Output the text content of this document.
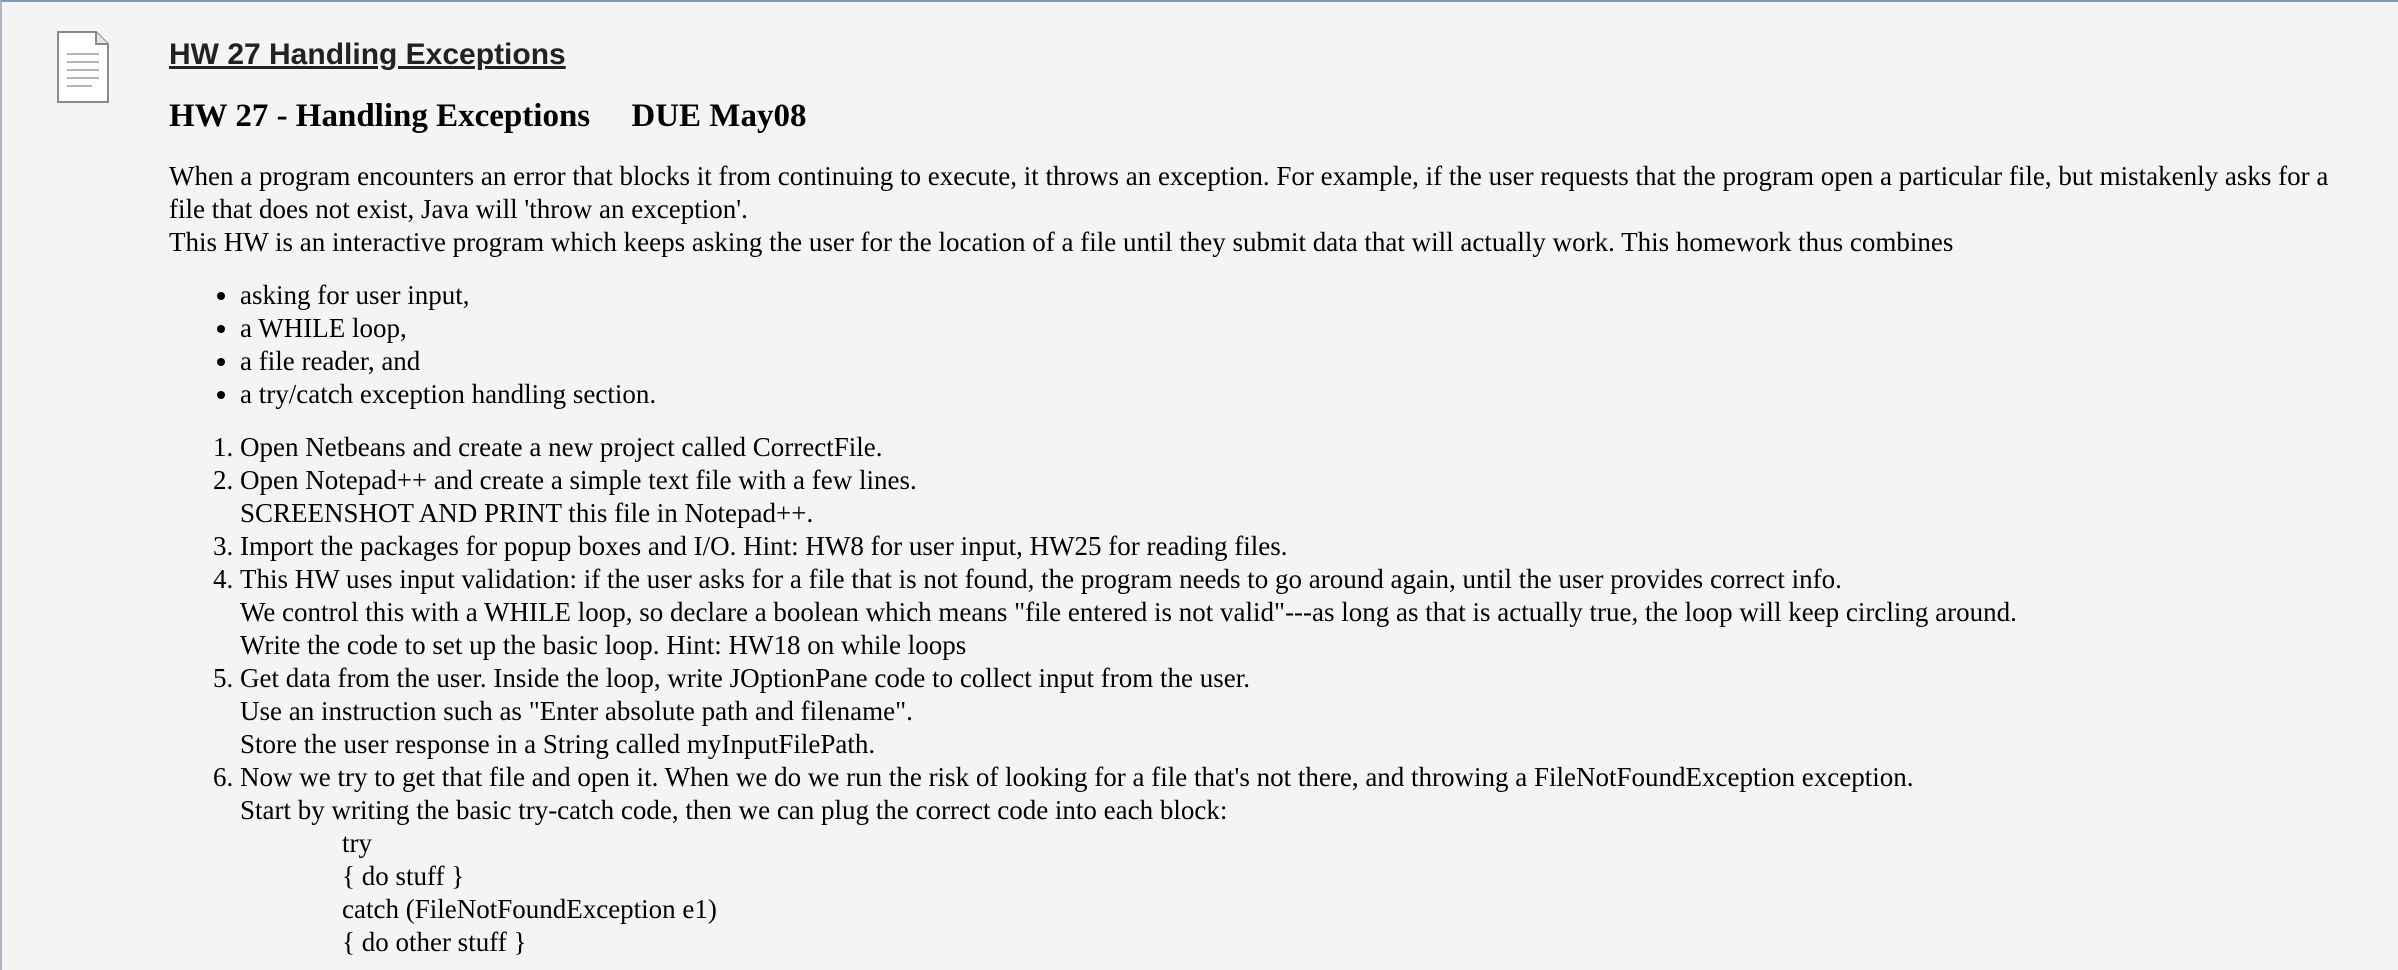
HW 27 Handling Exceptions
HW 27 - Handling Exceptions     DUE May08

When a program encounters an error that blocks it from continuing to execute, it throws an exception. For example, if the user requests that the program open a particular file, but mistakenly asks for a file that does not exist, Java will 'throw an exception'.
This HW is an interactive program which keeps asking the user for the location of a file until they submit data that will actually work. This homework thus combines

• asking for user input,
• a WHILE loop,
• a file reader, and
• a try/catch exception handling section.
1. Open Netbeans and create a new project called CorrectFile.
2. Open Notepad++ and create a simple text file with a few lines.
SCREENSHOT AND PRINT this file in Notepad++.
3. Import the packages for popup boxes and I/O. Hint: HW8 for user input, HW25 for reading files.
4. This HW uses input validation: if the user asks for a file that is not found, the program needs to go around again, until the user provides correct info.
We control this with a WHILE loop, so declare a boolean which means "file entered is not valid"---as long as that is actually true, the loop will keep circling around.
Write the code to set up the basic loop. Hint: HW18 on while loops
5. Get data from the user. Inside the loop, write JOptionPane code to collect input from the user.
Use an instruction such as "Enter absolute path and filename".
Store the user response in a String called myInputFilePath.
6. Now we try to get that file and open it. When we do we run the risk of looking for a file that's not there, and throwing a FileNotFoundException exception.
Start by writing the basic try-catch code, then we can plug the correct code into each block:
try
{ do stuff }
catch (FileNotFoundException e1)
{ do other stuff }
